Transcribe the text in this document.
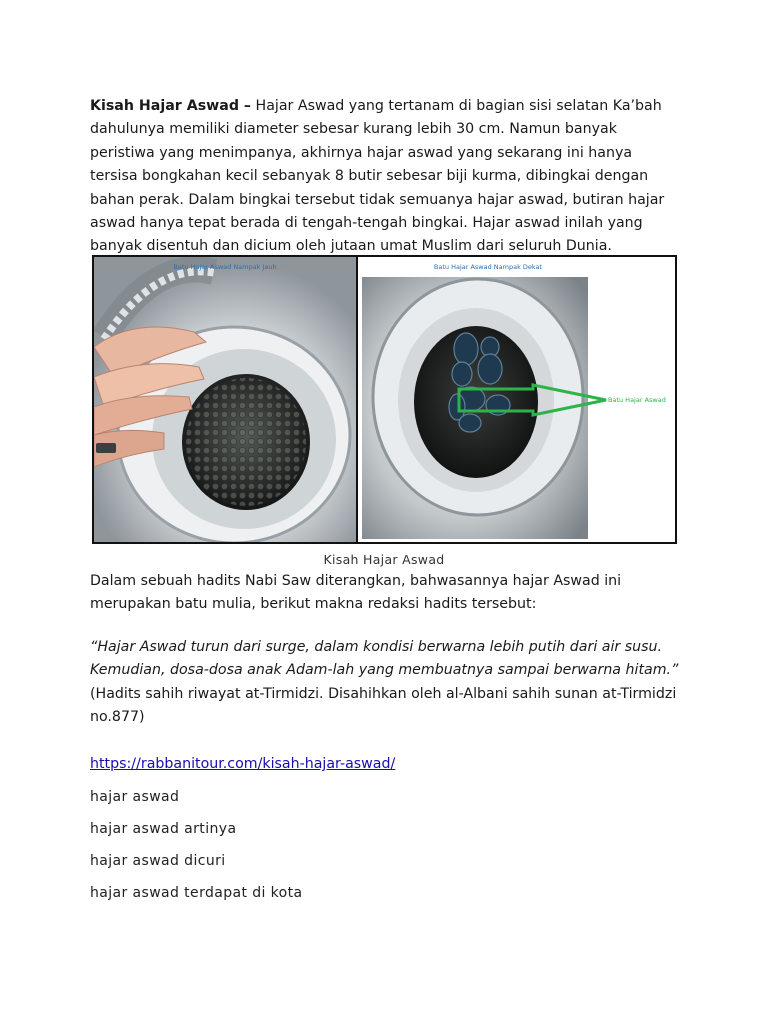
Kisah Hajar Aswad – Hajar Aswad yang tertanam di bagian sisi selatan Ka’bah dahulunya memiliki diameter sebesar kurang lebih 30 cm. Namun banyak peristiwa yang menimpanya, akhirnya hajar aswad yang sekarang ini hanya tersisa bongkahan kecil sebanyak 8 butir sebesar biji kurma, dibingkai dengan bahan perak. Dalam bingkai tersebut tidak semuanya hajar aswad, butiran hajar aswad hanya tepat berada di tengah-tengah bingkai. Hajar aswad inilah yang banyak disentuh dan dicium oleh jutaan umat Muslim dari seluruh Dunia.

Batu Hajar Aswad Nampak Jauh
Batu Hajar Aswad
Batu Hajar Aswad Nampak Dekat
Kisah Hajar Aswad

Dalam sebuah hadits Nabi Saw diterangkan, bahwasannya hajar Aswad ini merupakan batu mulia, berikut makna redaksi hadits tersebut:

“Hajar Aswad turun dari surge, dalam kondisi berwarna lebih putih dari air susu. Kemudian, dosa-dosa anak Adam-lah yang membuatnya sampai berwarna hitam.” (Hadits sahih riwayat at-Tirmidzi. Disahihkan oleh al-Albani sahih sunan at-Tirmidzi no.877)

https://rabbanitour.com/kisah-hajar-aswad/
hajar aswad
hajar aswad artinya
hajar aswad dicuri
hajar aswad terdapat di kota
